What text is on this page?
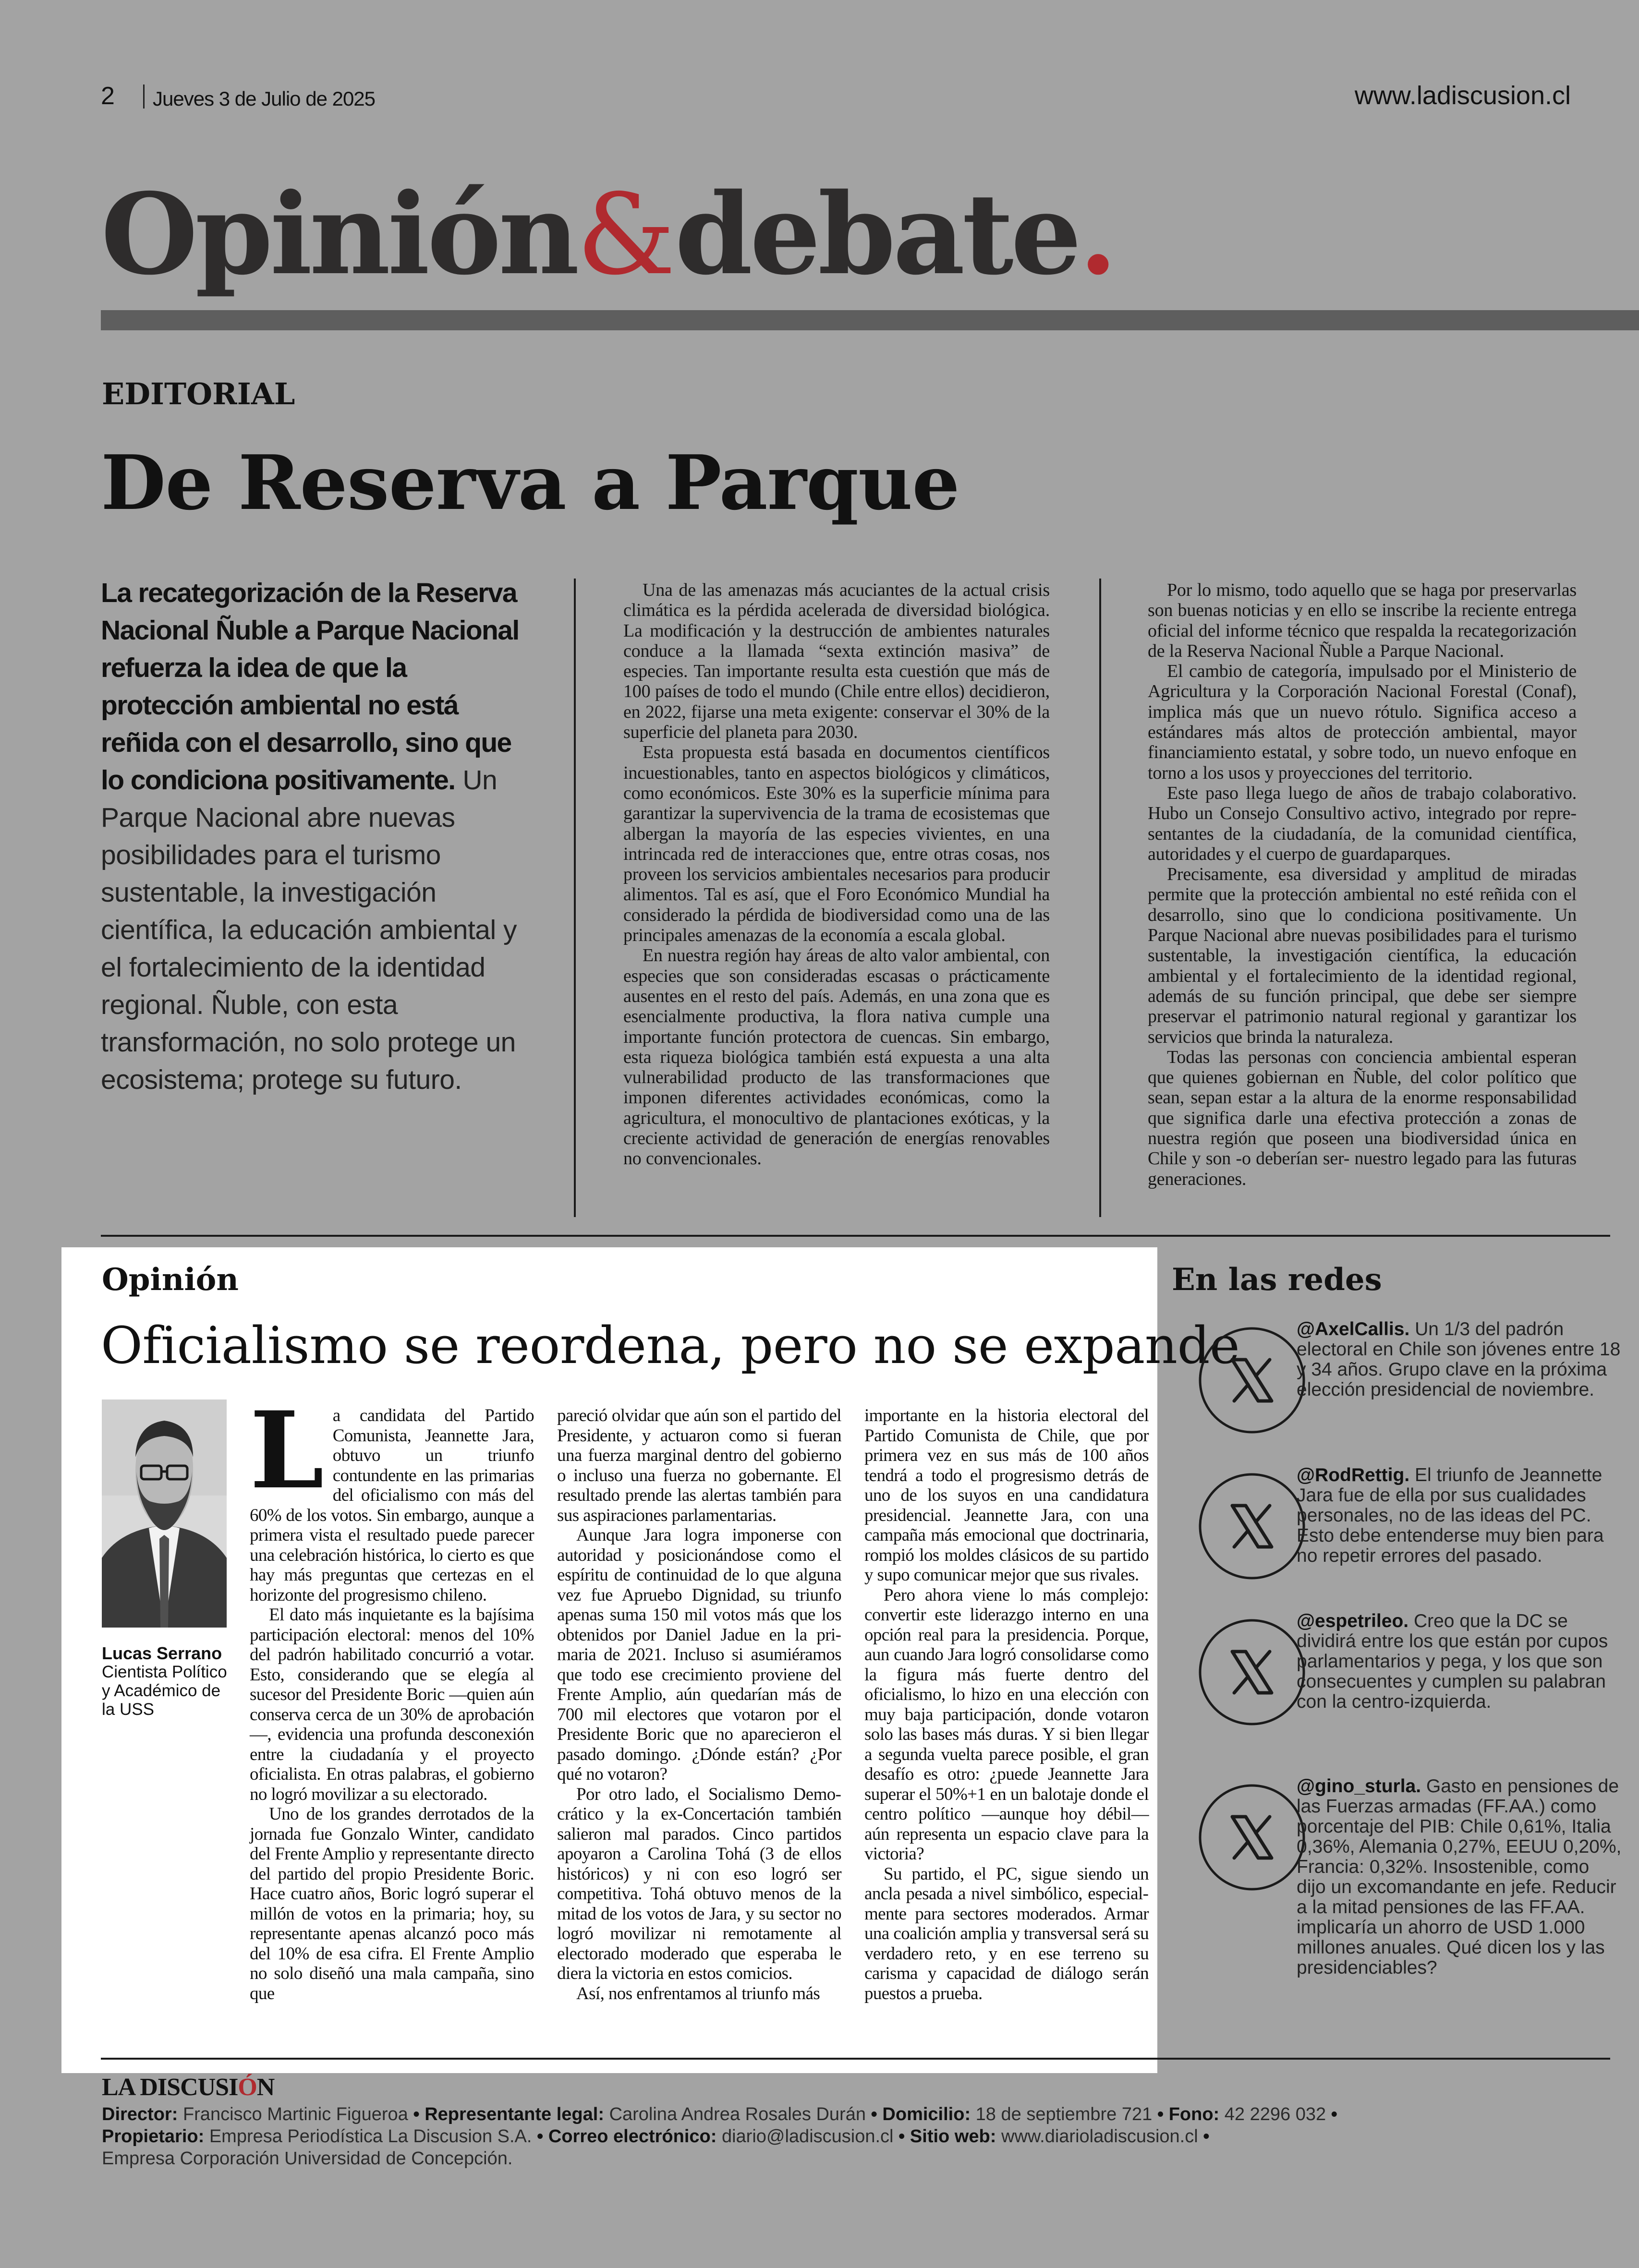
2 Jueves 3 de Julio de 2025	www.ladiscusion.cl
Opinión&debate.
EDITORIAL
De Reserva a Parque
La recategorización de la Reserva Nacional Ñuble a Parque Nacional refuerza la idea de que la protección ambiental no está reñida con el desarrollo, sino que lo condiciona positivamente. Un Parque Nacional abre nuevas posibilidades para el turismo sustentable, la investigación científica, la educación ambiental y el fortalecimiento de la identidad regional. Ñuble, con esta transformación, no solo protege un ecosistema; protege su futuro.

Una de las amenazas más acuciantes de la actual crisis climática es la pérdida acelerada de diversidad biológica. La modificación y la destrucción de ambientes naturales conduce a la llamada “sexta extinción masiva” de especies. Tan importante resulta esta cuestión que más de 100 países de todo el mundo (Chile entre ellos) decidieron, en 2022, fijarse una meta exigente: conservar el 30% de la superficie del planeta para 2030.

Esta propuesta está basada en documentos científicos incuestionables, tanto en aspectos biológicos y climáticos, como económicos. Este 30% es la superficie mínima para garantizar la supervivencia de la trama de ecosistemas que albergan la mayoría de las especies vivientes, en una intrincada red de interacciones que, entre otras cosas, nos proveen los servicios ambientales necesarios para producir alimentos. Tal es así, que el Foro Económico Mundial ha considerado la pérdida de biodiversidad como una de las principales amenazas de la economía a escala global.

En nuestra región hay áreas de alto valor ambiental, con especies que son consideradas escasas o prácticamente ausentes en el resto del país. Además, en una zona que es esencialmente productiva, la flora nativa cumple una importante función protectora de cuencas. Sin embargo, esta riqueza biológica también está expuesta a una alta vulnerabilidad producto de las transformaciones que imponen diferentes actividades económicas, como la agricultura, el monocultivo de plantaciones exóticas, y la creciente actividad de generación de energías renovables no convencionales.

Por lo mismo, todo aquello que se haga por preservarlas son buenas noticias y en ello se inscribe la reciente entrega oficial del informe técnico que respalda la recategorización de la Reserva Nacional Ñuble a Parque Nacional.

El cambio de categoría, impulsado por el Ministerio de Agricultura y la Corporación Nacional Forestal (Conaf), implica más que un nuevo rótulo. Significa acceso a estándares más altos de protección ambiental, mayor financiamiento estatal, y sobre todo, un nuevo enfoque en torno a los usos y proyecciones del territorio.

Este paso llega luego de años de trabajo colaborativo. Hubo un Consejo Consultivo activo, integrado por representantes de la ciudadanía, de la comunidad científica, autoridades y el cuerpo de guardaparques.

Precisamente, esa diversidad y amplitud de miradas permite que la protección ambiental no esté reñida con el desarrollo, sino que lo condiciona positivamente. Un Parque Nacional abre nuevas posibilidades para el turismo sustentable, la investigación científica, la educación ambiental y el fortalecimiento de la identidad regional, además de su función principal, que debe ser siempre preservar el patrimonio natural regional y garantizar los servicios que brinda la naturaleza.

Todas las personas con conciencia ambiental esperan que quienes gobiernan en Ñuble, del color político que sean, sepan estar a la altura de la enorme responsabilidad que significa darle una efectiva protección a zonas de nuestra región que poseen una biodiversidad única en Chile y son -o deberían ser- nuestro legado para las futuras generaciones.

Opinión
Oficialismo se reordena, pero no se expande
Lucas Serrano
Cientista Político y Académico de la USS
L a candidata del Partido Comunista, Jeannette Jara, obtuvo un triunfo contundente en las primarias del oficialismo con más del 60% de los votos. Sin embargo, aunque a primera vista el resultado puede parecer una celebración histórica, lo cierto es que hay más preguntas que certezas en el horizonte del progresismo chileno.

El dato más inquietante es la bajísima participación electoral: menos del 10% del padrón habilitado concurrió a votar. Esto, considerando que se elegía al sucesor del Presidente Boric —quien aún conserva cerca de un 30% de aprobación—, evidencia una profunda desconexión entre la ciudadanía y el proyecto oficialista. En otras palabras, el gobierno no logró movilizar a su electorado.

Uno de los grandes derrotados de la jornada fue Gonzalo Winter, candidato del Frente Amplio y representante directo del partido del propio Presidente Boric. Hace cuatro años, Boric logró superar el millón de votos en la primaria; hoy, su representante apenas alcanzó poco más del 10% de esa cifra. El Frente Amplio no solo diseñó una mala campaña, sino que

pareció olvidar que aún son el partido del Presidente, y actuaron como si fueran una fuerza marginal dentro del gobierno o incluso una fuerza no gobernante. El resultado prende las alertas también para sus aspiraciones parlamentarias.

Aunque Jara logra imponerse con autoridad y posicionándose como el espíritu de continuidad de lo que alguna vez fue Apruebo Dignidad, su triunfo apenas suma 150 mil votos más que los obtenidos por Daniel Jadue en la primaria de 2021. Incluso si asumiéramos que todo ese crecimiento proviene del Frente Amplio, aún quedarían más de 700 mil electores que votaron por el Presidente Boric que no aparecieron el pasado domingo. ¿Dónde están? ¿Por qué no votaron?

Por otro lado, el Socialismo Democrático y la ex-Concertación también salieron mal parados. Cinco partidos apoyaron a Carolina Tohá (3 de ellos históricos) y ni con eso logró ser competitiva. Tohá obtuvo menos de la mitad de los votos de Jara, y su sector no logró movilizar ni remotamente al electorado moderado que esperaba le diera la victoria en estos comicios.

Así, nos enfrentamos al triunfo más

importante en la historia electoral del Partido Comunista de Chile, que por primera vez en sus más de 100 años tendrá a todo el progresismo detrás de uno de los suyos en una candidatura presidencial. Jeannette Jara, con una campaña más emocional que doctrinaria, rompió los moldes clásicos de su partido y supo comunicar mejor que sus rivales.

Pero ahora viene lo más complejo: convertir este liderazgo interno en una opción real para la presidencia. Porque, aun cuando Jara logró consolidarse como la figura más fuerte dentro del oficialismo, lo hizo en una elección con muy baja participación, donde votaron solo las bases más duras. Y si bien llegar a segunda vuelta parece posible, el gran desafío es otro: ¿puede Jeannette Jara superar el 50%+1 en un balotaje donde el centro político —aunque hoy débil— aún representa un espacio clave para la victoria?

Su partido, el PC, sigue siendo un ancla pesada a nivel simbólico, especialmente para sectores moderados. Armar una coalición amplia y transversal será su verdadero reto, y en ese terreno su carisma y capacidad de diálogo serán puestos a prueba.

En las redes
@AxelCallis. Un 1/3 del padrón electoral en Chile son jóvenes entre 18 y 34 años. Grupo clave en la próxima elección presidencial de noviembre.
@RodRettig. El triunfo de Jeannette Jara fue de ella por sus cualidades personales, no de las ideas del PC. Esto debe entenderse muy bien para no repetir errores del pasado.
@espetrileo. Creo que la DC se dividirá entre los que están por cupos parlamentarios y pega, y los que son consecuentes y cumplen su palabran con la centro-izquierda.
@gino_sturla. Gasto en pensiones de las Fuerzas armadas (FF.AA.) como porcentaje del PIB: Chile 0,61%, Italia 0,36%, Alemania 0,27%, EEUU 0,20%, Francia: 0,32%. Insostenible, como dijo un excomandante en jefe. Reducir a la mitad pensiones de las FF.AA. implicaría un ahorro de USD 1.000 millones anuales. Qué dicen los y las presidenciables?
LA DISCUSIÓN
Director: Francisco Martinic Figueroa • Representante legal: Carolina Andrea Rosales Durán • Domicilio: 18 de septiembre 721 • Fono: 42 2296 032 •
Propietario: Empresa Periodística La Discusion S.A. • Correo electrónico: diario@ladiscusion.cl • Sitio web: www.diarioladiscusion.cl •
Empresa Corporación Universidad de Concepción.
